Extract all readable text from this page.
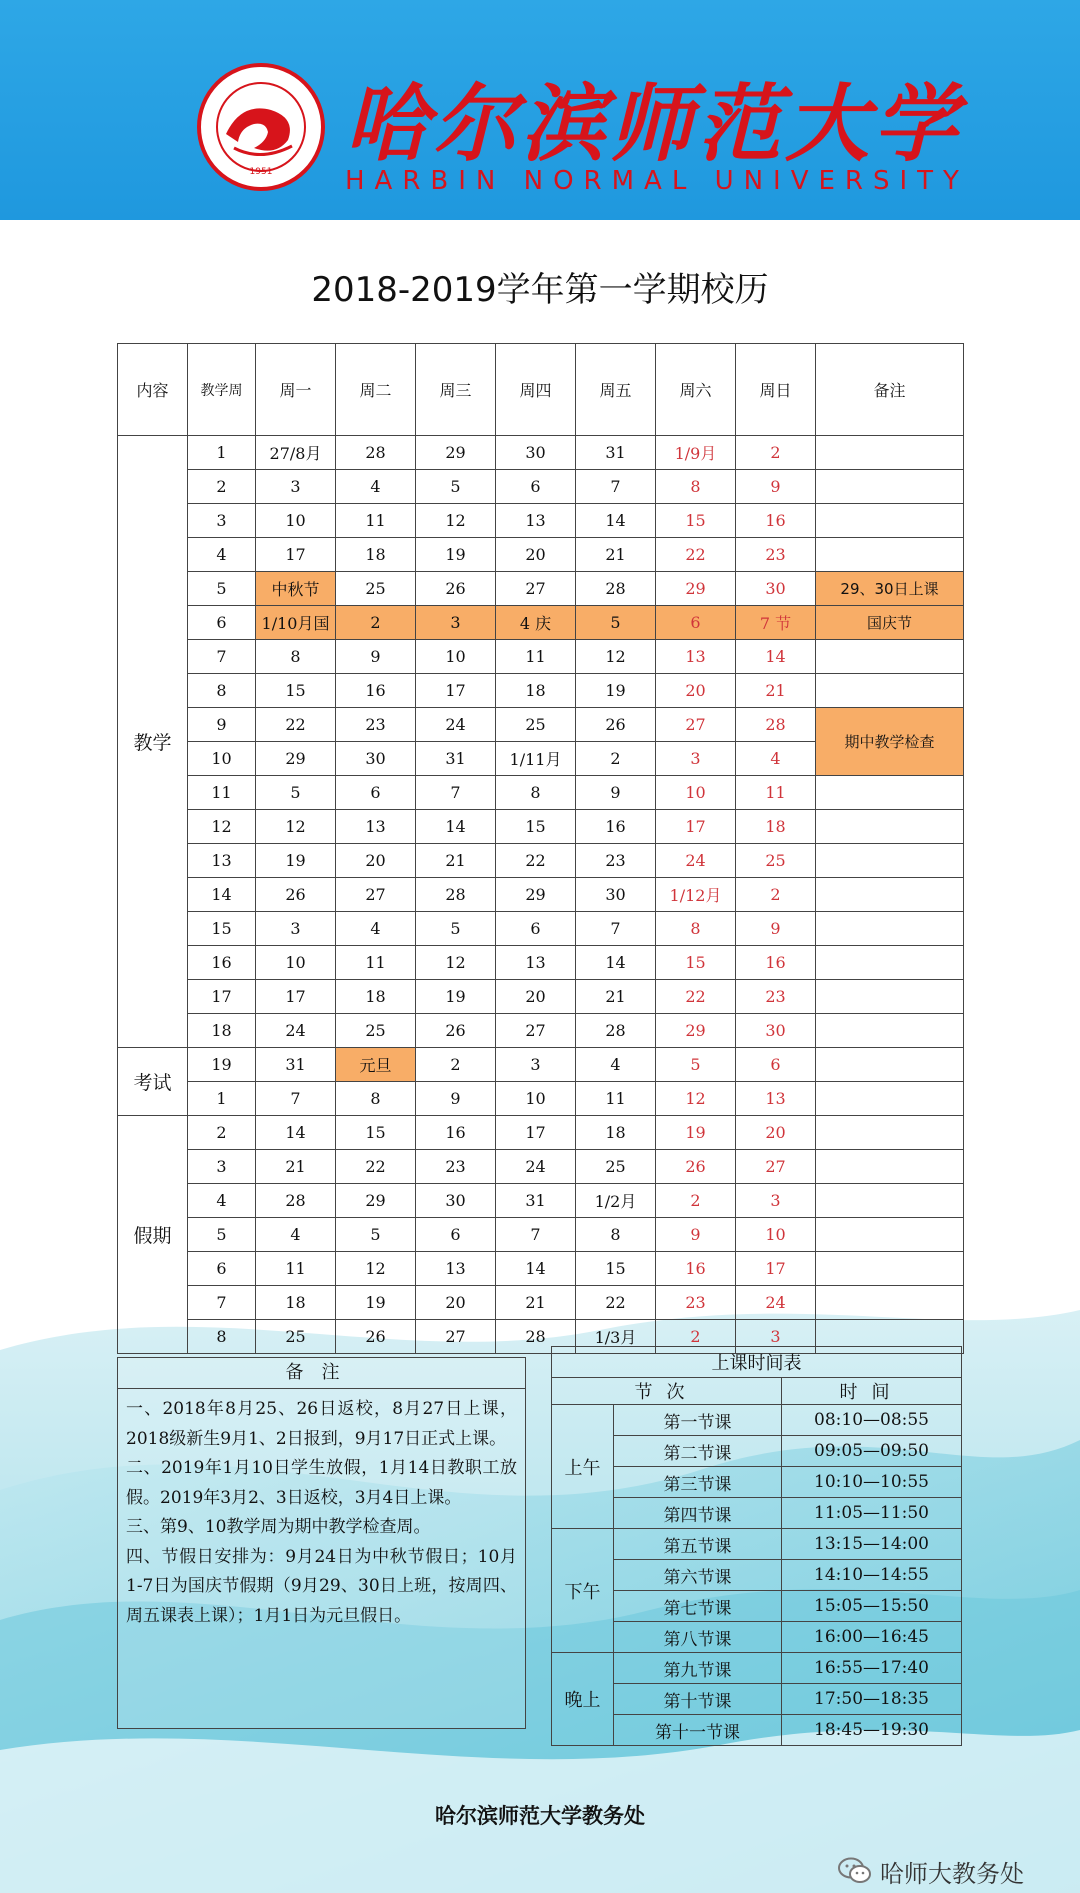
1951 哈尔滨师范大学
HARBIN NORMAL UNIVERSITY
2018-2019学年第一学期校历
内容	教学周	周一	周二	周三	周四	周五	周六	周日	备注
教学	1	27/8月	28	29	30	31	1/9月	2	
	2	3	4	5	6	7	8	9	
	3	10	11	12	13	14	15	16	
	4	17	18	19	20	21	22	23	
	5	中秋节	25	26	27	28	29	30	29、30日上课
	6	1/10月国	2	3	4 庆	5	6	7 节	国庆节
	7	8	9	10	11	12	13	14	
	8	15	16	17	18	19	20	21	
	9	22	23	24	25	26	27	28	期中教学检查
	10	29	30	31	1/11月	2	3	4	
	11	5	6	7	8	9	10	11	
	12	12	13	14	15	16	17	18	
	13	19	20	21	22	23	24	25	
	14	26	27	28	29	30	1/12月	2	
	15	3	4	5	6	7	8	9	
	16	10	11	12	13	14	15	16	
	17	17	18	19	20	21	22	23	
	18	24	25	26	27	28	29	30	
考试	19	31	元旦	2	3	4	5	6	
	1	7	8	9	10	11	12	13	
假期	2	14	15	16	17	18	19	20	
	3	21	22	23	24	25	26	27	
	4	28	29	30	31	1/2月	2	3	
	5	4	5	6	7	8	9	10	
	6	11	12	13	14	15	16	17	
	7	18	19	20	21	22	23	24	
	8	25	26	27	28	1/3月	2	3	
备注

一、2018年8月25、26日返校，8月27日上课，2018级新生9月1、2日报到，9月17日正式上课。

二、2019年1月10日学生放假，1月14日教职工放假。2019年3月2、3日返校，3月4日上课。

三、第9、10教学周为期中教学检查周。

四、节假日安排为：9月24日为中秋节假日；10月1-7日为国庆节假期（9月29、30日上班，按周四、周五课表上课）；1月1日为元旦假日。

上课时间表		
节次		时间
上午	第一节课	08:10—08:55
	第二节课	09:05—09:50
	第三节课	10:10—10:55
	第四节课	11:05—11:50
下午	第五节课	13:15—14:00
	第六节课	14:10—14:55
	第七节课	15:05—15:50
	第八节课	16:00—16:45
晚上	第九节课	16:55—17:40
	第十节课	17:50—18:35
	第十一节课	18:45—19:30
哈尔滨师范大学教务处
哈师大教务处
